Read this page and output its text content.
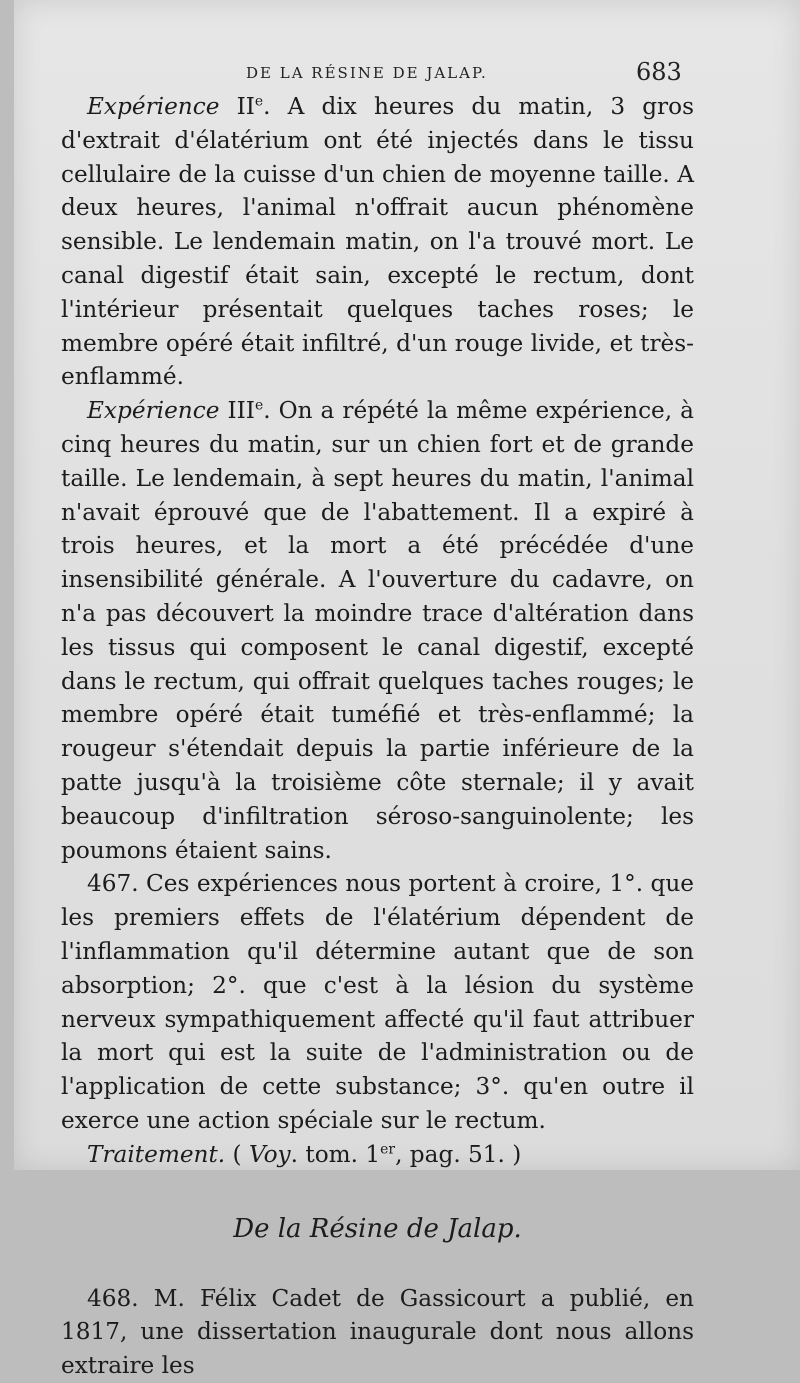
DE LA RÉSINE DE JALAP.	683

Expérience IIe. A dix heures du matin, 3 gros d'extrait d'élatérium ont été injectés dans le tissu cellulaire de la cuisse d'un chien de moyenne taille. A deux heures, l'animal n'offrait aucun phénomène sensible. Le lendemain matin, on l'a trouvé mort. Le canal digestif était sain, excepté le rectum, dont l'intérieur présentait quelques taches roses; le membre opéré était infiltré, d'un rouge livide, et très-enflammé.

Expérience IIIe. On a répété la même expérience, à cinq heures du matin, sur un chien fort et de grande taille. Le lendemain, à sept heures du matin, l'animal n'avait éprouvé que de l'abattement. Il a expiré à trois heures, et la mort a été précédée d'une insensibilité générale. A l'ouverture du cadavre, on n'a pas découvert la moindre trace d'altération dans les tissus qui composent le canal digestif, excepté dans le rectum, qui offrait quelques taches rouges; le membre opéré était tuméfié et très-enflammé; la rougeur s'étendait depuis la partie inférieure de la patte jusqu'à la troisième côte sternale; il y avait beaucoup d'infiltration séroso-sanguinolente; les poumons étaient sains.

467. Ces expériences nous portent à croire, 1°. que les premiers effets de l'élatérium dépendent de l'inflammation qu'il détermine autant que de son absorption; 2°. que c'est à la lésion du système nerveux sympathiquement affecté qu'il faut attribuer la mort qui est la suite de l'administration ou de l'application de cette substance; 3°. qu'en outre il exerce une action spéciale sur le rectum.

Traitement. ( Voy. tom. 1er, pag. 51. )

De la Résine de Jalap.

468. M. Félix Cadet de Gassicourt a publié, en 1817, une dissertation inaugurale dont nous allons extraire les
